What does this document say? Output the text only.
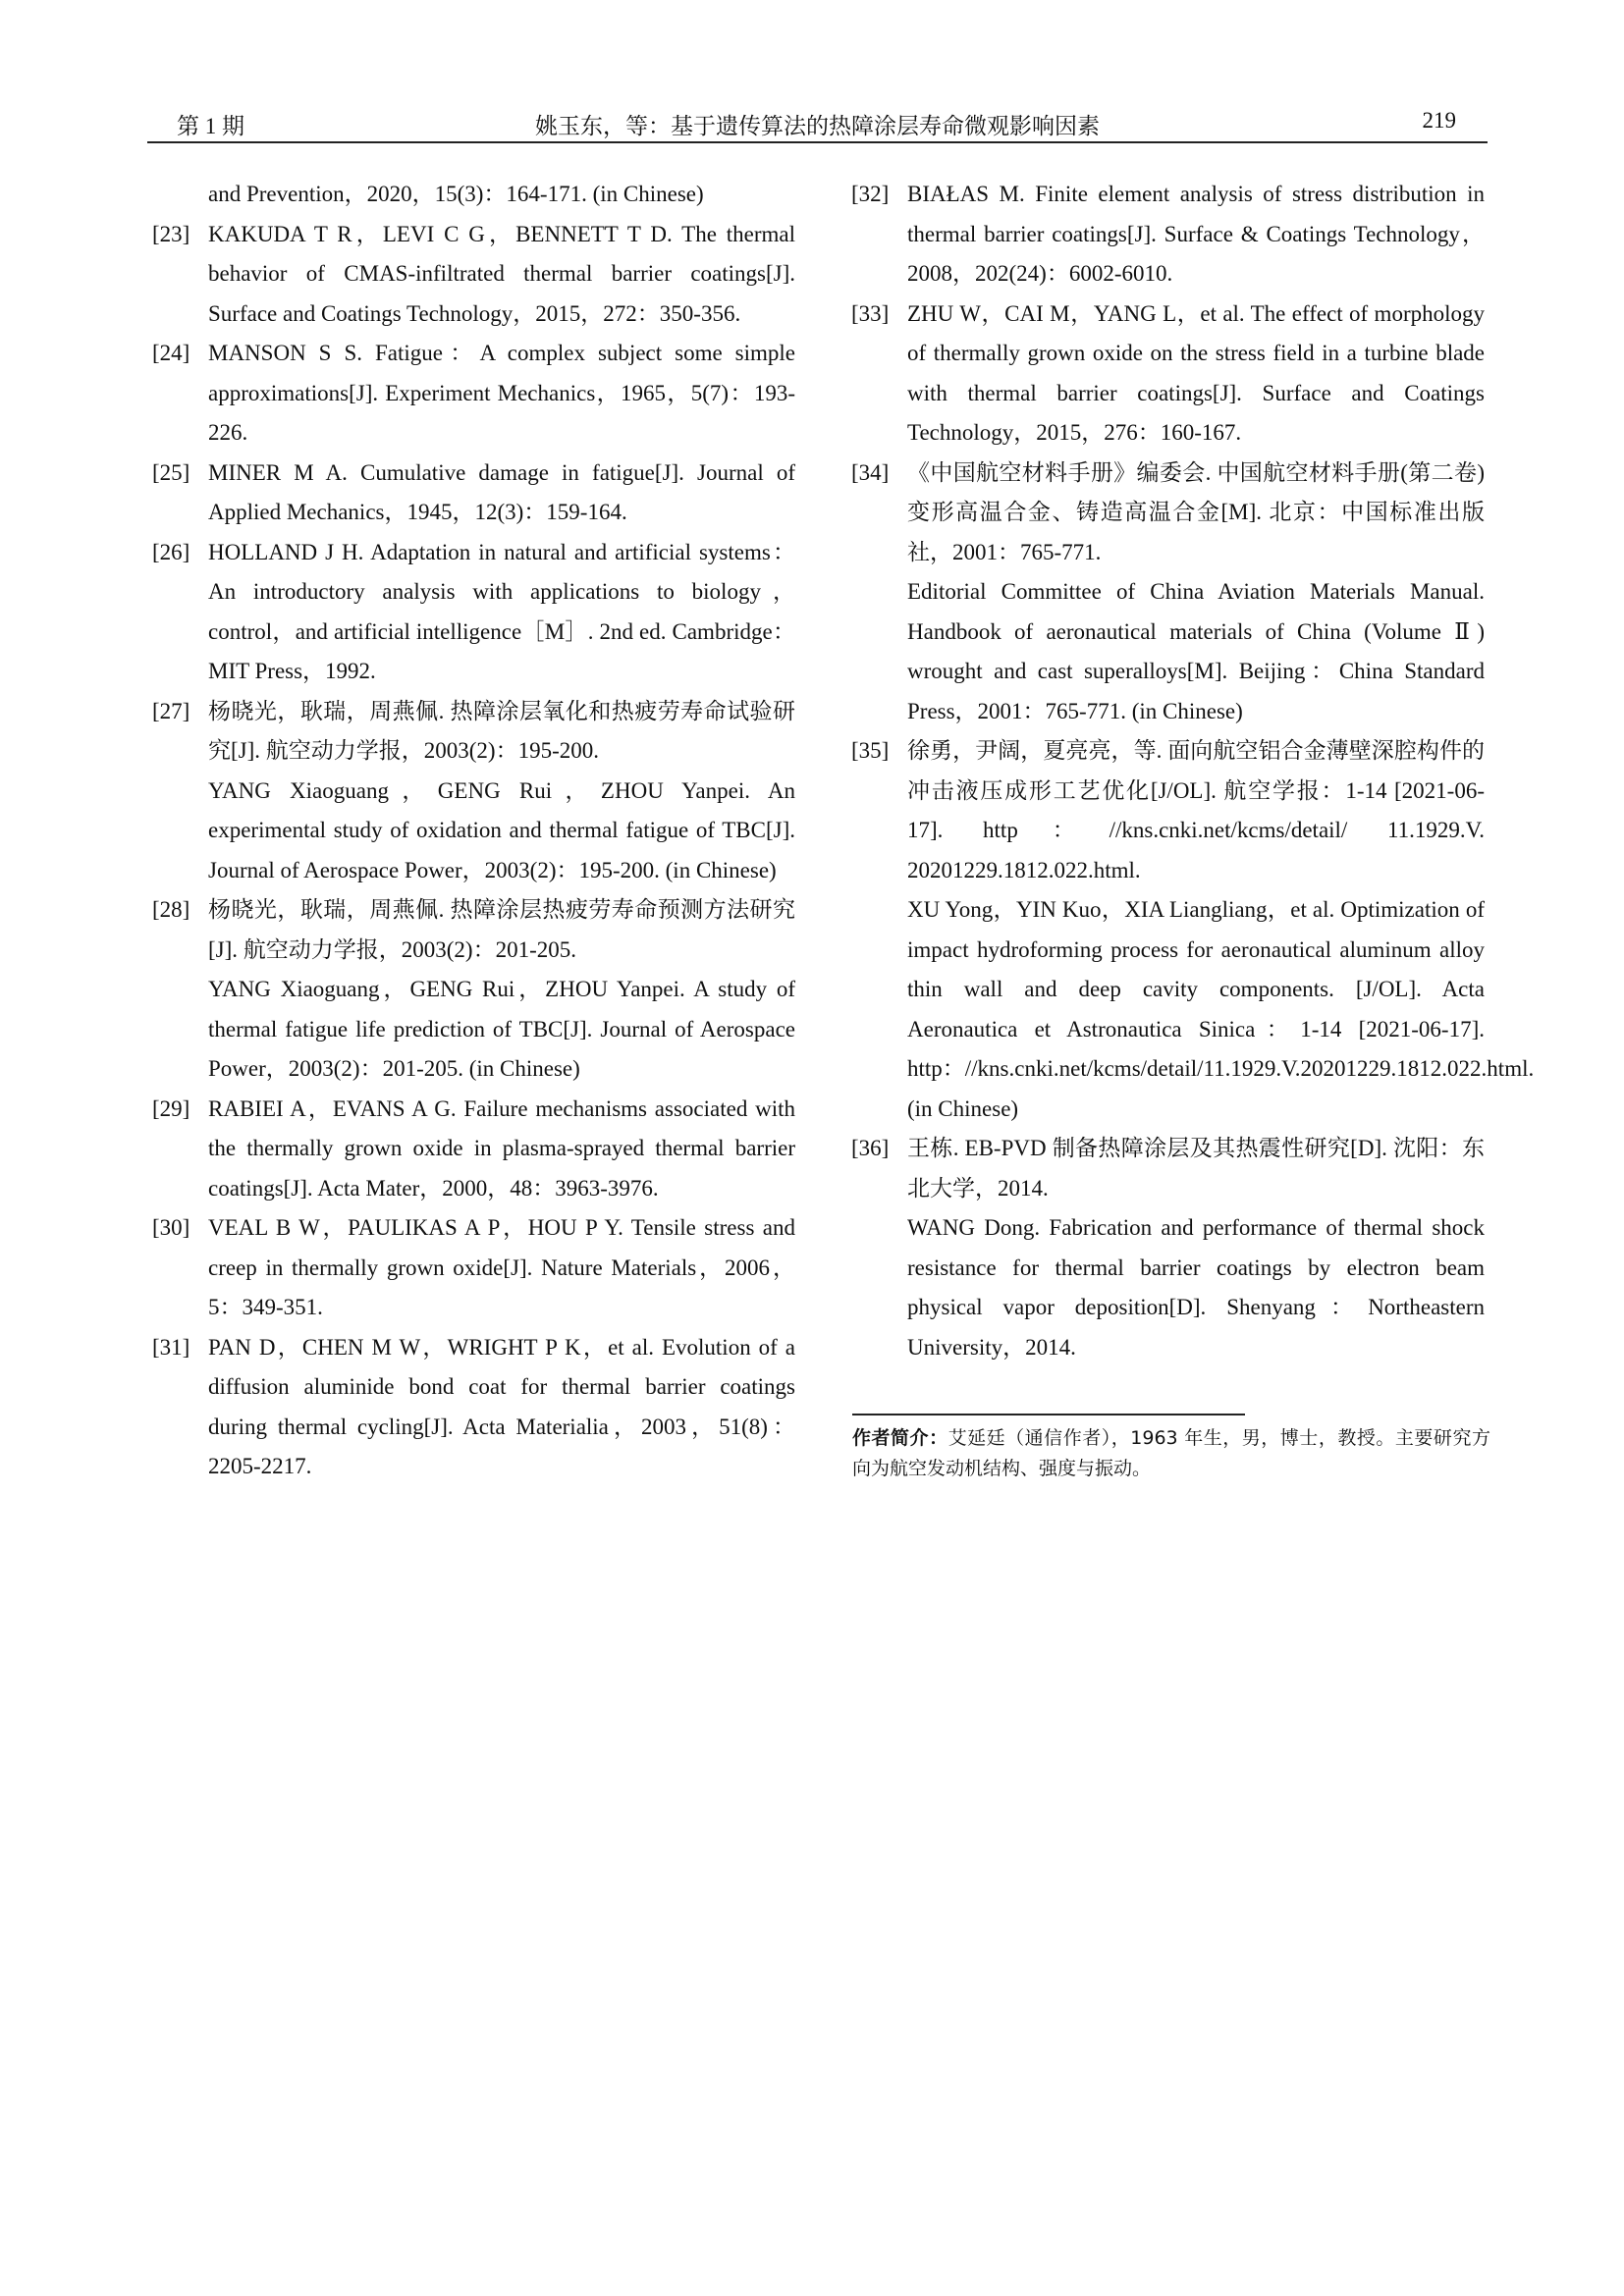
第 1 期	姚玉东，等：基于遗传算法的热障涂层寿命微观影响因素	219
and Prevention，2020，15(3)：164-171. (in Chinese)
[23] KAKUDA T R，LEVI C G，BENNETT T D. The thermal behavior of CMAS-infiltrated thermal barrier coatings[J]. Surface and Coatings Technology，2015，272：350-356.
[24] MANSON S S. Fatigue：A complex subject some simple approximations[J]. Experiment Mechanics，1965，5(7)：193-226.
[25] MINER M A. Cumulative damage in fatigue[J]. Journal of Applied Mechanics，1945，12(3)：159-164.
[26] HOLLAND J H. Adaptation in natural and artificial systems：An introductory analysis with applications to biology，control，and artificial intelligence［M］. 2nd ed. Cambridge：MIT Press，1992.
[27] 杨晓光，耿瑞，周燕佩. 热障涂层氧化和热疲劳寿命试验研究[J]. 航空动力学报，2003(2)：195-200.
YANG Xiaoguang，GENG Rui，ZHOU Yanpei. An experimental study of oxidation and thermal fatigue of TBC[J]. Journal of Aerospace Power，2003(2)：195-200. (in Chinese)
[28] 杨晓光，耿瑞，周燕佩. 热障涂层热疲劳寿命预测方法研究[J]. 航空动力学报，2003(2)：201-205.
YANG Xiaoguang，GENG Rui，ZHOU Yanpei. A study of thermal fatigue life prediction of TBC[J]. Journal of Aerospace Power，2003(2)：201-205. (in Chinese)
[29] RABIEI A，EVANS A G. Failure mechanisms associated with the thermally grown oxide in plasma-sprayed thermal barrier coatings[J]. Acta Mater，2000，48：3963-3976.
[30] VEAL B W，PAULIKAS A P，HOU P Y. Tensile stress and creep in thermally grown oxide[J]. Nature Materials，2006，5：349-351.
[31] PAN D，CHEN M W，WRIGHT P K，et al. Evolution of a diffusion aluminide bond coat for thermal barrier coatings during thermal cycling[J]. Acta Materialia，2003，51(8)：2205-2217.
[32] BIAŁAS M. Finite element analysis of stress distribution in thermal barrier coatings[J]. Surface & Coatings Technology，2008，202(24)：6002-6010.
[33] ZHU W，CAI M，YANG L，et al. The effect of morphology of thermally grown oxide on the stress field in a turbine blade with thermal barrier coatings[J]. Surface and Coatings Technology，2015，276：160-167.
[34] 《中国航空材料手册》编委会. 中国航空材料手册(第二卷)变形高温合金、铸造高温合金[M]. 北京：中国标准出版社，2001：765-771.
Editorial Committee of China Aviation Materials Manual. Handbook of aeronautical materials of China (Volume Ⅱ) wrought and cast superalloys[M]. Beijing：China Standard Press，2001：765-771. (in Chinese)
[35] 徐勇，尹阔，夏亮亮，等. 面向航空铝合金薄壁深腔构件的冲击液压成形工艺优化[J/OL]. 航空学报：1-14 [2021-06-17]. http：//kns.cnki.net/kcms/detail/ 11.1929.V. 20201229.1812.022.html.
XU Yong，YIN Kuo，XIA Liangliang，et al. Optimization of impact hydroforming process for aeronautical aluminum alloy thin wall and deep cavity components. [J/OL]. Acta Aeronautica et Astronautica Sinica：1-14 [2021-06-17]. http：//kns.cnki.net/kcms/detail/11.1929.V.20201229.1812.022.html. (in Chinese)
[36] 王栋. EB-PVD 制备热障涂层及其热震性研究[D]. 沈阳：东北大学，2014.
WANG Dong. Fabrication and performance of thermal shock resistance for thermal barrier coatings by electron beam physical vapor deposition[D]. Shenyang：Northeastern University，2014.
作者简介：艾延廷（通信作者），1963 年生，男，博士，教授。主要研究方向为航空发动机结构、强度与振动。
